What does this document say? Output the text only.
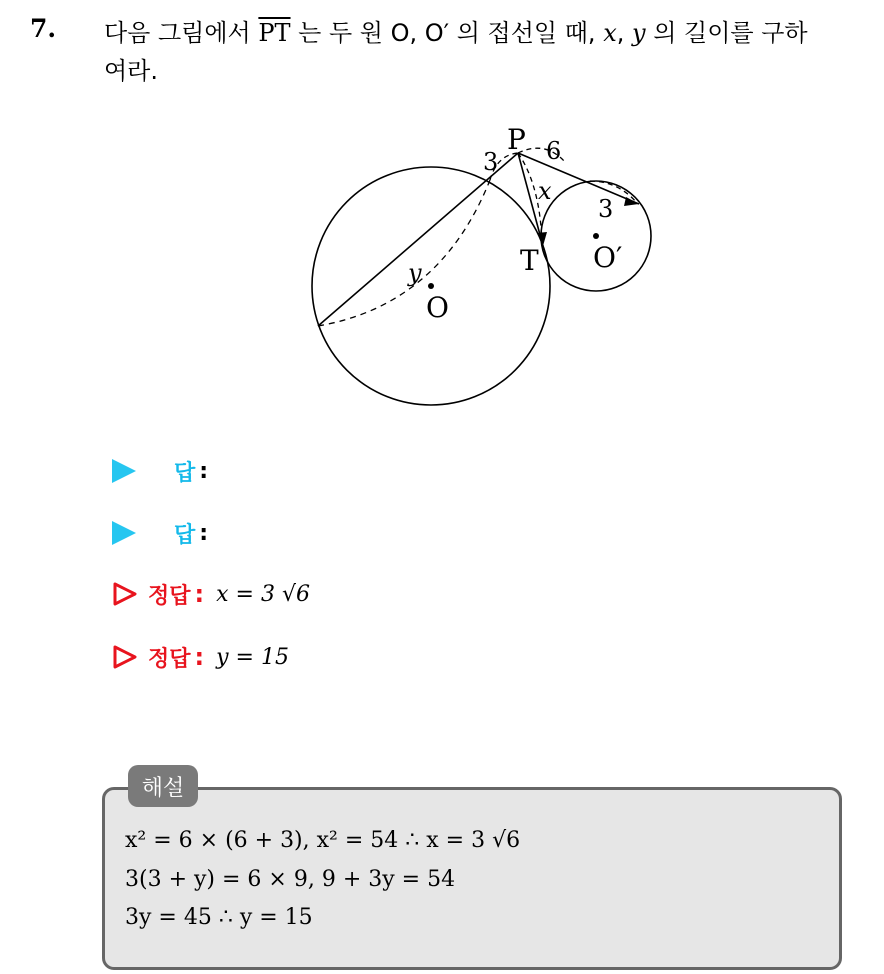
7. 다음 그림에서 $\overline{PT}$ 는 두 원 O, O′ 의 접선일 때, x, y 의 길이를 구하
여라.
P
T
O
O′
3 6
x
3
y
답 :
답 :
정답 : x = 3 √6
정답 : y = 15
해설
x² = 6 × (6 + 3), x² = 54 ∴ x = 3 √6
3(3 + y) = 6 × 9, 9 + 3y = 54
3y = 45 ∴ y = 15
